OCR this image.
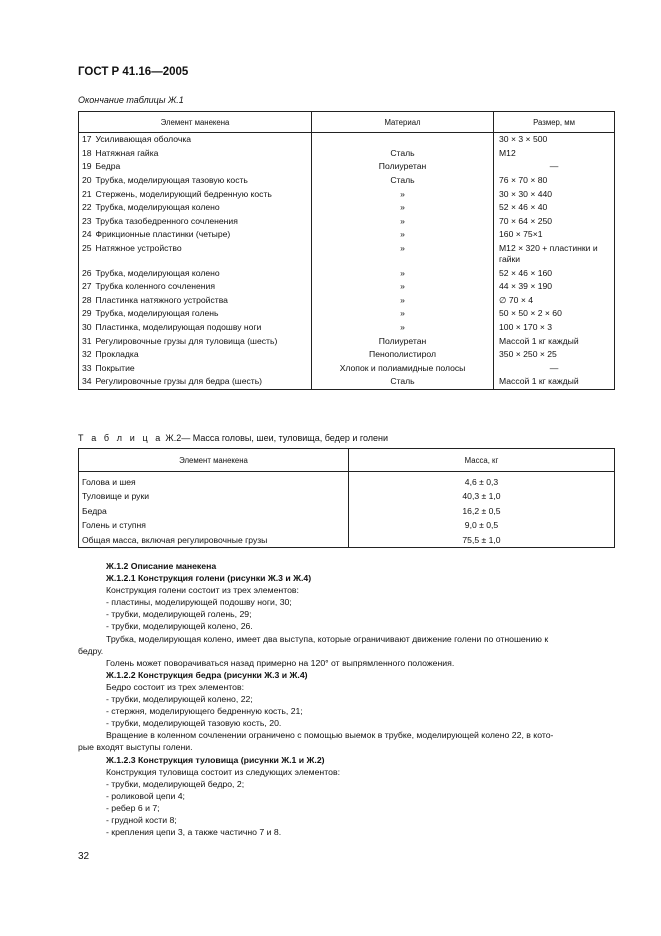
ГОСТ Р 41.16—2005
Окончание таблицы Ж.1
Элемент манекена		Материал	Размер, мм
17	Усиливающая оболочка		30 × 3 × 500
18	Натяжная гайка	Сталь	M12
19	Бедра	Полиуретан	—
20	Трубка, моделирующая тазовую кость	Сталь	76 × 70 × 80
21	Стержень, моделирующий бедренную кость	»	30 × 30 × 440
22	Трубка, моделирующая колено	»	52 × 46 × 40
23	Трубка тазобедренного сочленения	»	70 × 64 × 250
24	Фрикционные пластинки (четыре)	»	160 × 75×1
25	Натяжное устройство	»	M12 × 320 + пластинки и гайки
26	Трубка, моделирующая колено	»	52 × 46 × 160
27	Трубка коленного сочленения	»	44 × 39 × 190
28	Пластинка натяжного устройства	»	∅ 70 × 4
29	Трубка, моделирующая голень	»	50 × 50 × 2 × 60
30	Пластинка, моделирующая подошву ноги	»	100 × 170 × 3
31	Регулировочные грузы для туловища (шесть)	Полиуретан	Массой 1 кг каждый
32	Прокладка	Пенополистирол	350 × 250 × 25
33	Покрытие	Хлопок и полиамидные полосы	—
34	Регулировочные грузы для бедра (шесть)	Сталь	Массой 1 кг каждый
Т а б л и ц а Ж.2— Масса головы, шеи, туловища, бедер и голени
Элемент манекена	Масса, кг
Голова и шея	4,6 ± 0,3
Туловище и руки	40,3 ± 1,0
Бедра	16,2 ± 0,5
Голень и ступня	9,0 ± 0,5
Общая масса, включая регулировочные грузы	75,5 ± 1,0

Ж.1.2 Описание манекена

Ж.1.2.1 Конструкция голени (рисунки Ж.3 и Ж.4)

Конструкция голени состоит из трех элементов:

- пластины, моделирующей подошву ноги, 30;

- трубки, моделирующей голень, 29;

- трубки, моделирующей колено, 26.

Трубка, моделирующая колено, имеет два выступа, которые ограничивают движение голени по отношению к

бедру.

Голень может поворачиваться назад примерно на 120° от выпрямленного положения.

Ж.1.2.2 Конструкция бедра (рисунки Ж.3 и Ж.4)

Бедро состоит из трех элементов:

- трубки, моделирующей колено, 22;

- стержня, моделирующего бедренную кость, 21;

- трубки, моделирующей тазовую кость, 20.

Вращение в коленном сочленении ограничено с помощью выемок в трубке, моделирующей колено 22, в кото-

рые входят выступы голени.

Ж.1.2.3 Конструкция туловища (рисунки Ж.1 и Ж.2)

Конструкция туловища состоит из следующих элементов:

- трубки, моделирующей бедро, 2;

- роликовой цепи 4;

- ребер 6 и 7;

- грудной кости 8;

- крепления цепи 3, а также частично 7 и 8.

32
